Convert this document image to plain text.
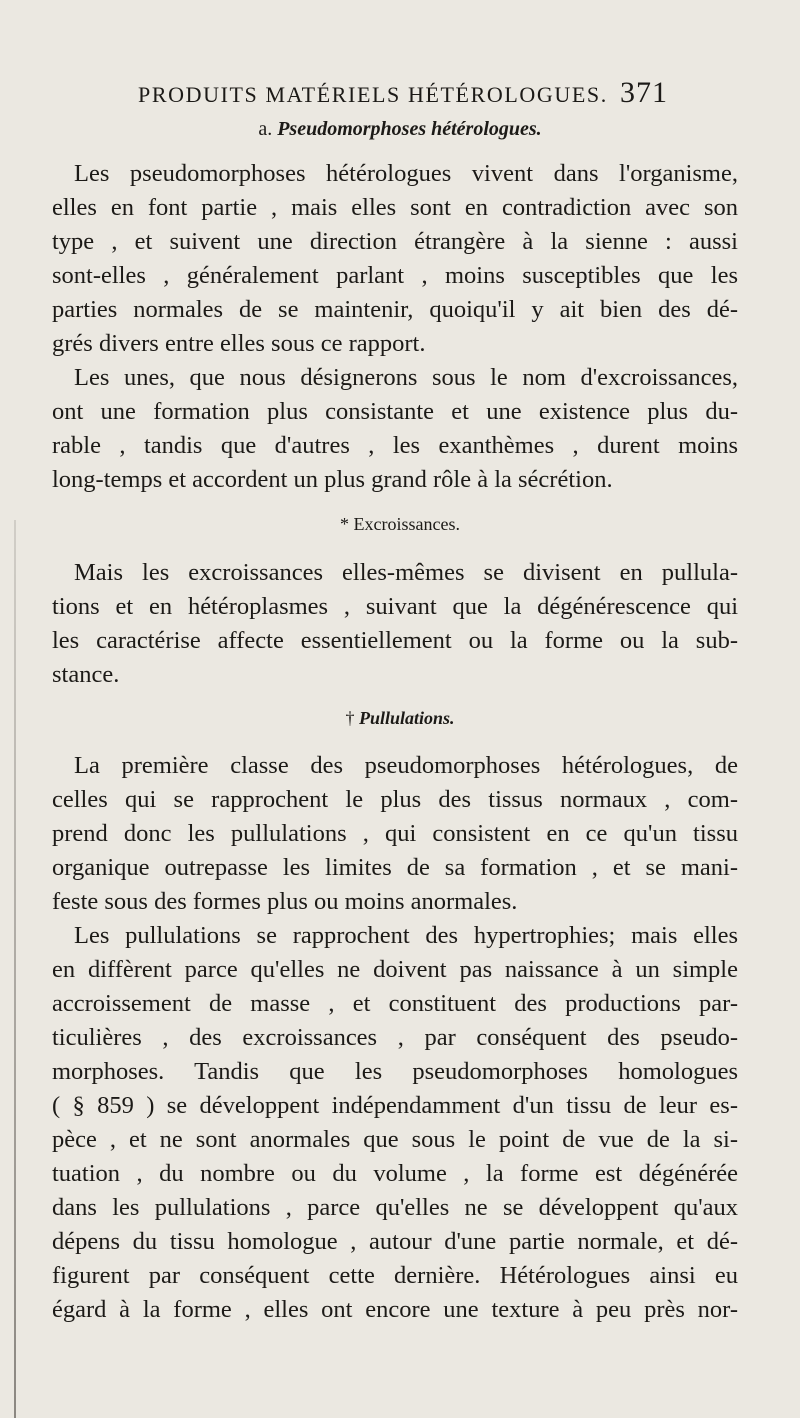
PRODUITS MATÉRIELS HÉTÉROLOGUES. 371
a. Pseudomorphoses hétérologues.
Les pseudomorphoses hétérologues vivent dans l'organisme,
elles en font partie , mais elles sont en contradiction avec son
type , et suivent une direction étrangère à la sienne : aussi
sont-elles , généralement parlant , moins susceptibles que les
parties normales de se maintenir, quoiqu'il y ait bien des dé-
grés divers entre elles sous ce rapport.
Les unes, que nous désignerons sous le nom d'excroissances,
ont une formation plus consistante et une existence plus du-
rable , tandis que d'autres , les exanthèmes , durent moins
long-temps et accordent un plus grand rôle à la sécrétion.
* Excroissances.
Mais les excroissances elles-mêmes se divisent en pullula-
tions et en hétéroplasmes , suivant que la dégénérescence qui
les caractérise affecte essentiellement ou la forme ou la sub-
stance.
† Pullulations.
La première classe des pseudomorphoses hétérologues, de
celles qui se rapprochent le plus des tissus normaux , com-
prend donc les pullulations , qui consistent en ce qu'un tissu
organique outrepasse les limites de sa formation , et se mani-
feste sous des formes plus ou moins anormales.
Les pullulations se rapprochent des hypertrophies; mais elles
en diffèrent parce qu'elles ne doivent pas naissance à un simple
accroissement de masse , et constituent des productions par-
ticulières , des excroissances , par conséquent des pseudo-
morphoses. Tandis que les pseudomorphoses homologues
( § 859 ) se développent indépendamment d'un tissu de leur es-
pèce , et ne sont anormales que sous le point de vue de la si-
tuation , du nombre ou du volume , la forme est dégénérée
dans les pullulations , parce qu'elles ne se développent qu'aux
dépens du tissu homologue , autour d'une partie normale, et dé-
figurent par conséquent cette dernière. Hétérologues ainsi eu
égard à la forme , elles ont encore une texture à peu près nor-
